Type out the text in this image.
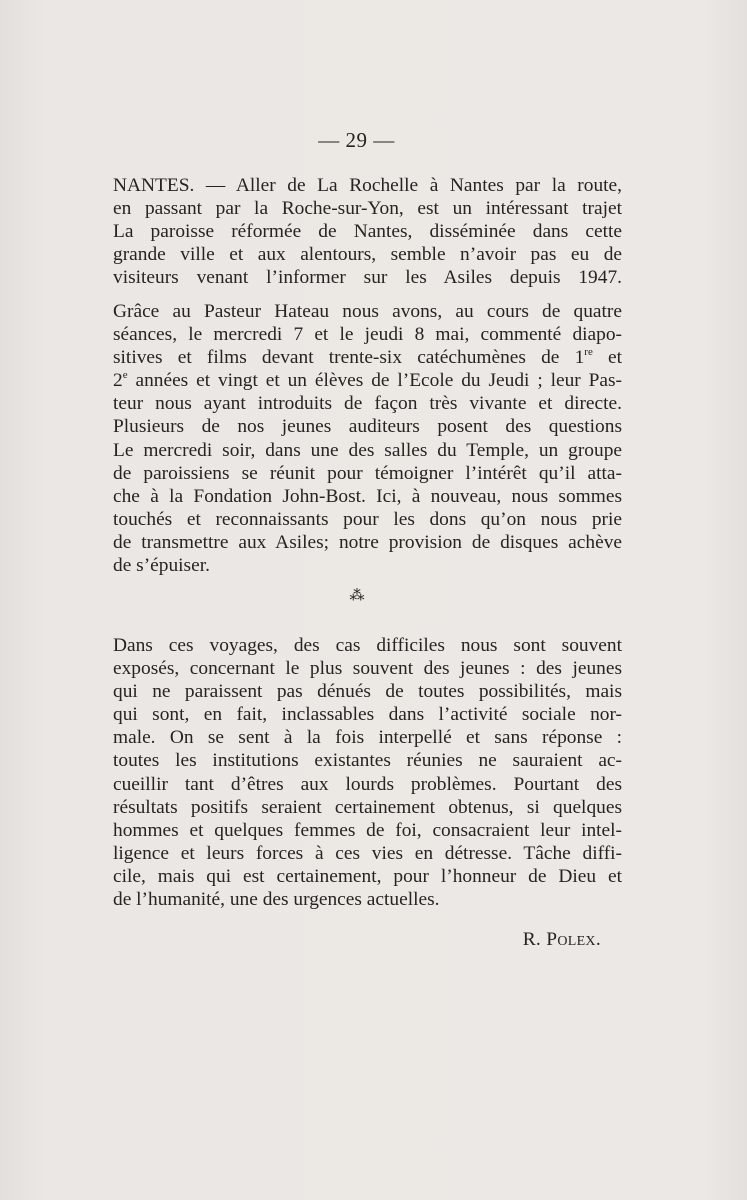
— 29 —

NANTES. — Aller de La Rochelle à Nantes par la route,
en passant par la Roche-sur-Yon, est un intéressant trajet
La paroisse réformée de Nantes, disséminée dans cette
grande ville et aux alentours, semble n’avoir pas eu de
visiteurs venant l’informer sur les Asiles depuis 1947.

Grâce au Pasteur Hateau nous avons, au cours de quatre
séances, le mercredi 7 et le jeudi 8 mai, commenté diapo-
sitives et films devant trente-six catéchumènes de 1re et
2e années et vingt et un élèves de l’Ecole du Jeudi ; leur Pas-
teur nous ayant introduits de façon très vivante et directe.
Plusieurs de nos jeunes auditeurs posent des questions
Le mercredi soir, dans une des salles du Temple, un groupe
de paroissiens se réunit pour témoigner l’intérêt qu’il atta-
che à la Fondation John-Bost. Ici, à nouveau, nous sommes
touchés et reconnaissants pour les dons qu’on nous prie
de transmettre aux Asiles; notre provision de disques achève
de s’épuiser.

⁂

Dans ces voyages, des cas difficiles nous sont souvent
exposés, concernant le plus souvent des jeunes : des jeunes
qui ne paraissent pas dénués de toutes possibilités, mais
qui sont, en fait, inclassables dans l’activité sociale nor-
male. On se sent à la fois interpellé et sans réponse :
toutes les institutions existantes réunies ne sauraient ac-
cueillir tant d’êtres aux lourds problèmes. Pourtant des
résultats positifs seraient certainement obtenus, si quelques
hommes et quelques femmes de foi, consacraient leur intel-
ligence et leurs forces à ces vies en détresse. Tâche diffi-
cile, mais qui est certainement, pour l’honneur de Dieu et
de l’humanité, une des urgences actuelles.

R. Polex.
